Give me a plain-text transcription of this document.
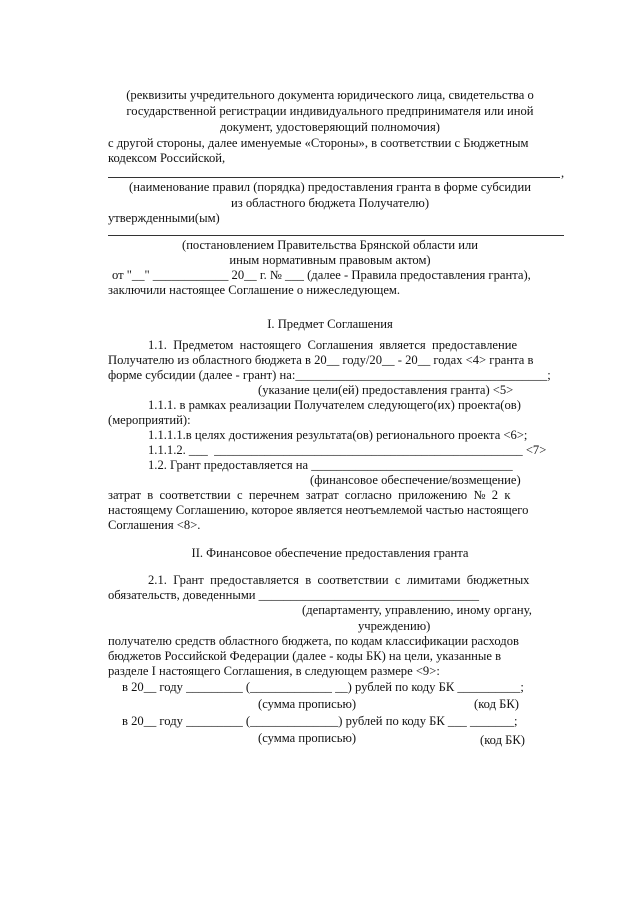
(реквизиты учредительного документа юридического лица, свидетельства о
государственной регистрации индивидуального предпринимателя или иной
документ, удостоверяющий полномочия)
с другой стороны, далее именуемые «Стороны», в соответствии с Бюджетным
кодексом Российской,
,
(наименование правил (порядка) предоставления гранта в форме субсидии
из областного бюджета Получателю)
утвержденными(ым)
(постановлением Правительства Брянской области или
иным нормативным правовым актом)
от "__" ____________ 20__ г. № ___ (далее - Правила предоставления гранта),
заключили настоящее Соглашение о нижеследующем.
I. Предмет Соглашения
1.1.  Предметом  настоящего  Соглашения  является  предоставление
Получателю из областного бюджета в 20__ году/20__ - 20__ годах <4> гранта в
форме субсидии (далее - грант) на:________________________________________;
(указание цели(ей) предоставления гранта) <5>
1.1.1. в рамках реализации Получателем следующего(их) проекта(ов)
(мероприятий):
1.1.1.1.в целях достижения результата(ов) регионального проекта <6>;
1.1.1.2. ___  _________________________________________________ <7>
1.2. Грант предоставляется на ________________________________
(финансовое обеспечение/возмещение)
затрат  в  соответствии  с  перечнем  затрат  согласно  приложению  №  2  к
настоящему Соглашению, которое является неотъемлемой частью настоящего
Соглашения <8>.
II. Финансовое обеспечение предоставления гранта
2.1.  Грант  предоставляется  в  соответствии  с  лимитами  бюджетных
обязательств, доведенными ___________________________________
(департаменту, управлению, иному органу,
учреждению)
получателю средств областного бюджета, по кодам классификации расходов
бюджетов Российской Федерации (далее - коды БК) на цели, указанные в
разделе I настоящего Соглашения, в следующем размере <9>:
в 20__ году _________ (_____________ __) рублей по коду БК __________;
(сумма прописью)	(код БК)
в 20__ году _________ (______________) рублей по коду БК ___ _______;
(сумма прописью)	(код БК)
